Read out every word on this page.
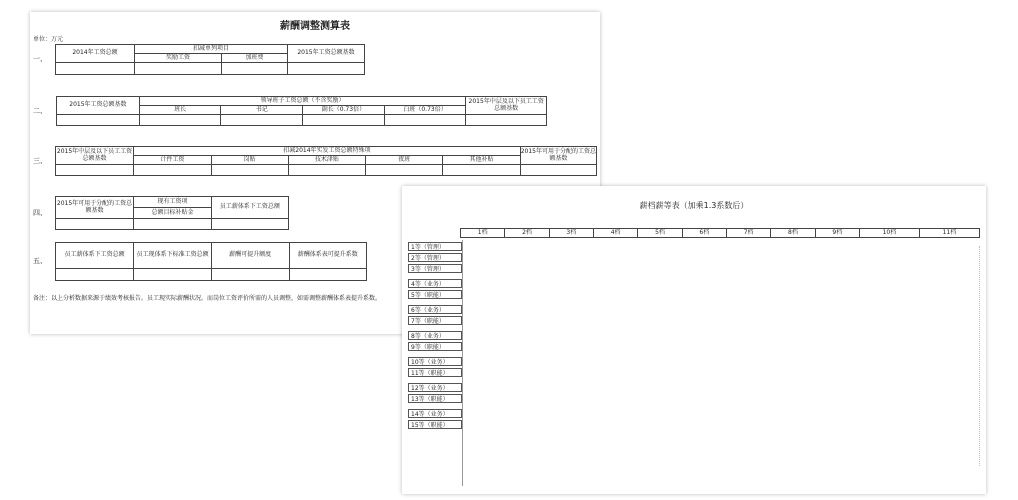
薪酬调整测算表
单位：万元
一、	2014年工资总额	扣减单列项目		2015年工资总额基数
		奖励工资	加班费	

二、	2015年工资总额基数	领导班子工资总额（不含奖励）				2015年中层及以下员工工资总额基数
		班长	书记	副长（0.73倍）	白班（0.73倍）	

三、	2015年中层及以下员工工资总额基数	扣减2014年实发工资总额特殊项					2015年可用于分配的工资总额基数
		计件工资	岗贴	技术津贴	夜班	其他补贴	

四、	2015年可用于分配的工资总额基数	现有工资项	员工薪体系下工资总额
		总额目标补贴金	

五、	员工薪体系下工资总额	员工现体系下标准工资总额	薪酬可提升额度	薪酬体系表可提升系数

备注：以上分析数据来源于绩效考核报告。员工现实际薪酬状况。而岗位工资评价所需的人员调整，如需调整薪酬体系表提升系数。
薪档薪等表（加乘1.3系数后）
1档	2档	3档	4档	5档	6档	7档	8档	9档	10档	11档
1等（管理）
2等（管理）
3等（管理）
4等（业务）
5等（职能）
6等（业务）
7等（职能）
8等（业务）
9等（职能）
10等（业务）
11等（职能）
12等（业务）
13等（职能）
14等（业务）
15等（职能）
